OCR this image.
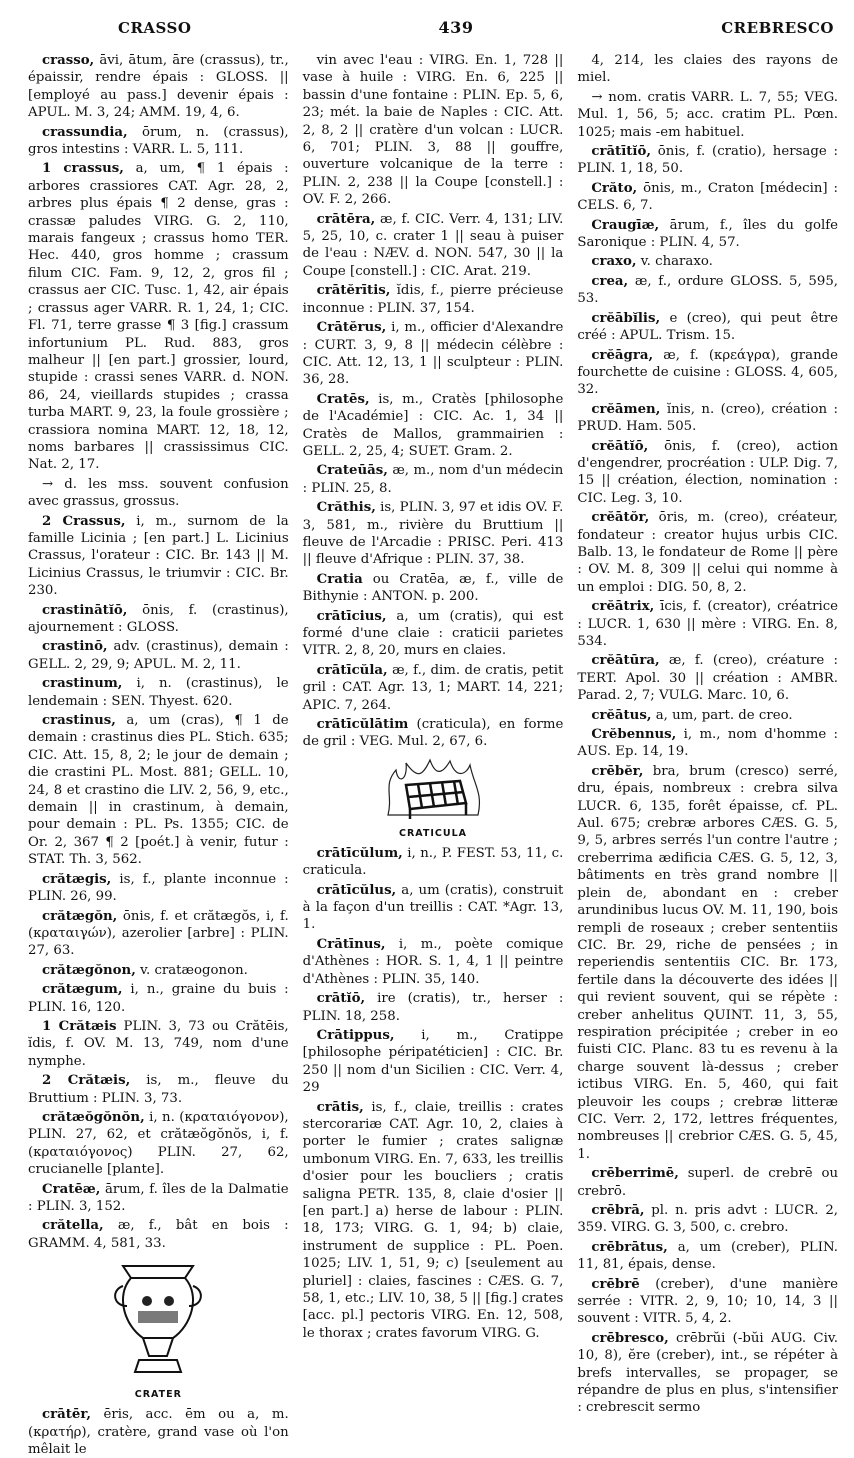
CRASSO	439	CREBRESCO

crasso, āvi, ātum, āre (crassus), tr., épaissir, rendre épais : GLOSS. || [employé au pass.] devenir épais : APUL. M. 3, 24; AMM. 19, 4, 6.

crassundia, ōrum, n. (crassus), gros intestins : VARR. L. 5, 111.

1 crassus, a, um, ¶ 1 épais : arbores crassiores CAT. Agr. 28, 2, arbres plus épais ¶ 2 dense, gras : crassæ paludes VIRG. G. 2, 110, marais fangeux ; crassus homo TER. Hec. 440, gros homme ; crassum filum CIC. Fam. 9, 12, 2, gros fil ; crassus aer CIC. Tusc. 1, 42, air épais ; crassus ager VARR. R. 1, 24, 1; CIC. Fl. 71, terre grasse ¶ 3 [fig.] crassum infortunium PL. Rud. 883, gros malheur || [en part.] grossier, lourd, stupide : crassi senes VARR. d. NON. 86, 24, vieillards stupides ; crassa turba MART. 9, 23, la foule grossière ; crassiora nomina MART. 12, 18, 12, noms barbares || crassissimus CIC. Nat. 2, 17.

→ d. les mss. souvent confusion avec grassus, grossus.

2 Crassus, i, m., surnom de la famille Licinia ; [en part.] L. Licinius Crassus, l'orateur : CIC. Br. 143 || M. Licinius Crassus, le triumvir : CIC. Br. 230.

crastinātĭō, ōnis, f. (crastinus), ajournement : GLOSS.

crastinō, adv. (crastinus), demain : GELL. 2, 29, 9; APUL. M. 2, 11.

crastinum, i, n. (crastinus), le lendemain : SEN. Thyest. 620.

crastinus, a, um (cras), ¶ 1 de demain : crastinus dies PL. Stich. 635; CIC. Att. 15, 8, 2; le jour de demain ; die crastini PL. Most. 881; GELL. 10, 24, 8 et crastino die LIV. 2, 56, 9, etc., demain || in crastinum, à demain, pour demain : PL. Ps. 1355; CIC. de Or. 2, 367 ¶ 2 [poét.] à venir, futur : STAT. Th. 3, 562.

crătægis, is, f., plante inconnue : PLIN. 26, 99.

crătægŏn, ōnis, f. et crătægŏs, i, f. (κραταιγών), azerolier [arbre] : PLIN. 27, 63.

crătægŏnon, v. cratæogonon.

crătægum, i, n., graine du buis : PLIN. 16, 120.

1 Crătæis PLIN. 3, 73 ou Crătēis, ĭdis, f. OV. M. 13, 749, nom d'une nymphe.

2 Crătæis, is, m., fleuve du Bruttium : PLIN. 3, 73.

crătæŏgŏnŏn, i, n. (κραταιόγονον), PLIN. 27, 62, et crătæŏgŏnŏs, i, f. (κραταιόγονος) PLIN. 27, 62, crucianelle [plante].

Cratēæ, ārum, f. îles de la Dalmatie : PLIN. 3, 152.

crătella, æ, f., bât en bois : GRAMM. 4, 581, 33.

CRATER

crātēr, ēris, acc. ēm ou a, m. (κρατήρ), cratère, grand vase où l'on mêlait le

vin avec l'eau : VIRG. En. 1, 728 || vase à huile : VIRG. En. 6, 225 || bassin d'une fontaine : PLIN. Ep. 5, 6, 23; mét. la baie de Naples : CIC. Att. 2, 8, 2 || cratère d'un volcan : LUCR. 6, 701; PLIN. 3, 88 || gouffre, ouverture volcanique de la terre : PLIN. 2, 238 || la Coupe [constell.] : OV. F. 2, 266.

crātēra, æ, f. CIC. Verr. 4, 131; LIV. 5, 25, 10, c. crater 1 || seau à puiser de l'eau : NÆV. d. NON. 547, 30 || la Coupe [constell.] : CIC. Arat. 219.

crātĕrītis, ĭdis, f., pierre précieuse inconnue : PLIN. 37, 154.

Crātĕrus, i, m., officier d'Alexandre : CURT. 3, 9, 8 || médecin célèbre : CIC. Att. 12, 13, 1 || sculpteur : PLIN. 36, 28.

Cratēs, is, m., Cratès [philosophe de l'Académie] : CIC. Ac. 1, 34 || Cratès de Mallos, grammairien : GELL. 2, 25, 4; SUET. Gram. 2.

Crateūās, æ, m., nom d'un médecin : PLIN. 25, 8.

Crăthis, is, PLIN. 3, 97 et idis OV. F. 3, 581, m., rivière du Bruttium || fleuve de l'Arcadie : PRISC. Peri. 413 || fleuve d'Afrique : PLIN. 37, 38.

Cratia ou Cratēa, æ, f., ville de Bithynie : ANTON. p. 200.

crātīcius, a, um (cratis), qui est formé d'une claie : craticii parietes VITR. 2, 8, 20, murs en claies.

crātīcŭla, æ, f., dim. de cratis, petit gril : CAT. Agr. 13, 1; MART. 14, 221; APIC. 7, 264.

crātīcŭlātim (craticula), en forme de gril : VEG. Mul. 2, 67, 6.

CRATICULA

crātīcŭlum, i, n., P. FEST. 53, 11, c. craticula.

crātīcŭlus, a, um (cratis), construit à la façon d'un treillis : CAT. *Agr. 13, 1.

Crātīnus, i, m., poète comique d'Athènes : HOR. S. 1, 4, 1 || peintre d'Athènes : PLIN. 35, 140.

crātĭō, ire (cratis), tr., herser : PLIN. 18, 258.

Crātippus, i, m., Cratippe [philosophe péripatéticien] : CIC. Br. 250 || nom d'un Sicilien : CIC. Verr. 4, 29

crātis, is, f., claie, treillis : crates stercorariæ CAT. Agr. 10, 2, claies à porter le fumier ; crates salignæ umbonum VIRG. En. 7, 633, les treillis d'osier pour les boucliers ; cratis saligna PETR. 135, 8, claie d'osier || [en part.] a) herse de labour : PLIN. 18, 173; VIRG. G. 1, 94; b) claie, instrument de supplice : PL. Poen. 1025; LIV. 1, 51, 9; c) [seulement au pluriel] : claies, fascines : CÆS. G. 7, 58, 1, etc.; LIV. 10, 38, 5 || [fig.] crates [acc. pl.] pectoris VIRG. En. 12, 508, le thorax ; crates favorum VIRG. G.

4, 214, les claies des rayons de miel.

→ nom. cratis VARR. L. 7, 55; VEG. Mul. 1, 56, 5; acc. cratim PL. Pœn. 1025; mais -em habituel.

crātītĭō, ōnis, f. (cratio), hersage : PLIN. 1, 18, 50.

Crăto, ōnis, m., Craton [médecin] : CELS. 6, 7.

Craugīæ, ārum, f., îles du golfe Saronique : PLIN. 4, 57.

craxo, v. charaxo.

crea, æ, f., ordure GLOSS. 5, 595, 53.

crĕābĭlis, e (creo), qui peut être créé : APUL. Trism. 15.

crĕāgra, æ, f. (κρεάγρα), grande fourchette de cuisine : GLOSS. 4, 605, 32.

crĕāmen, ĭnis, n. (creo), création : PRUD. Ham. 505.

crĕātĭō, ōnis, f. (creo), action d'engendrer, procréation : ULP. Dig. 7, 15 || création, élection, nomination : CIC. Leg. 3, 10.

crĕātŏr, ōris, m. (creo), créateur, fondateur : creator hujus urbis CIC. Balb. 13, le fondateur de Rome || père : OV. M. 8, 309 || celui qui nomme à un emploi : DIG. 50, 8, 2.

crĕātrix, īcis, f. (creator), créatrice : LUCR. 1, 630 || mère : VIRG. En. 8, 534.

crĕātūra, æ, f. (creo), créature : TERT. Apol. 30 || création : AMBR. Parad. 2, 7; VULG. Marc. 10, 6.

crĕātus, a, um, part. de creo.

Crĕbennus, i, m., nom d'homme : AUS. Ep. 14, 19.

crēbĕr, bra, brum (cresco) serré, dru, épais, nombreux : crebra silva LUCR. 6, 135, forêt épaisse, cf. PL. Aul. 675; crebræ arbores CÆS. G. 5, 9, 5, arbres serrés l'un contre l'autre ; creberrima ædificia CÆS. G. 5, 12, 3, bâtiments en très grand nombre || plein de, abondant en : creber arundinibus lucus OV. M. 11, 190, bois rempli de roseaux ; creber sententiis CIC. Br. 29, riche de pensées ; in reperiendis sententiis CIC. Br. 173, fertile dans la découverte des idées || qui revient souvent, qui se répète : creber anhelitus QUINT. 11, 3, 55, respiration précipitée ; creber in eo fuisti CIC. Planc. 83 tu es revenu à la charge souvent là-dessus ; creber ictibus VIRG. En. 5, 460, qui fait pleuvoir les coups ; crebræ litteræ CIC. Verr. 2, 172, lettres fréquentes, nombreuses || crebrior CÆS. G. 5, 45, 1.

crēberrimē, superl. de crebrē ou crebrō.

crēbrā, pl. n. pris advt : LUCR. 2, 359. VIRG. G. 3, 500, c. crebro.

crēbrātus, a, um (creber), PLIN. 11, 81, épais, dense.

crēbrē (creber), d'une manière serrée : VITR. 2, 9, 10; 10, 14, 3 || souvent : VITR. 5, 4, 2.

crēbresco, crēbrŭi (-bŭi AUG. Civ. 10, 8), ĕre (creber), int., se répéter à brefs intervalles, se propager, se répandre de plus en plus, s'intensifier : crebrescit sermo
